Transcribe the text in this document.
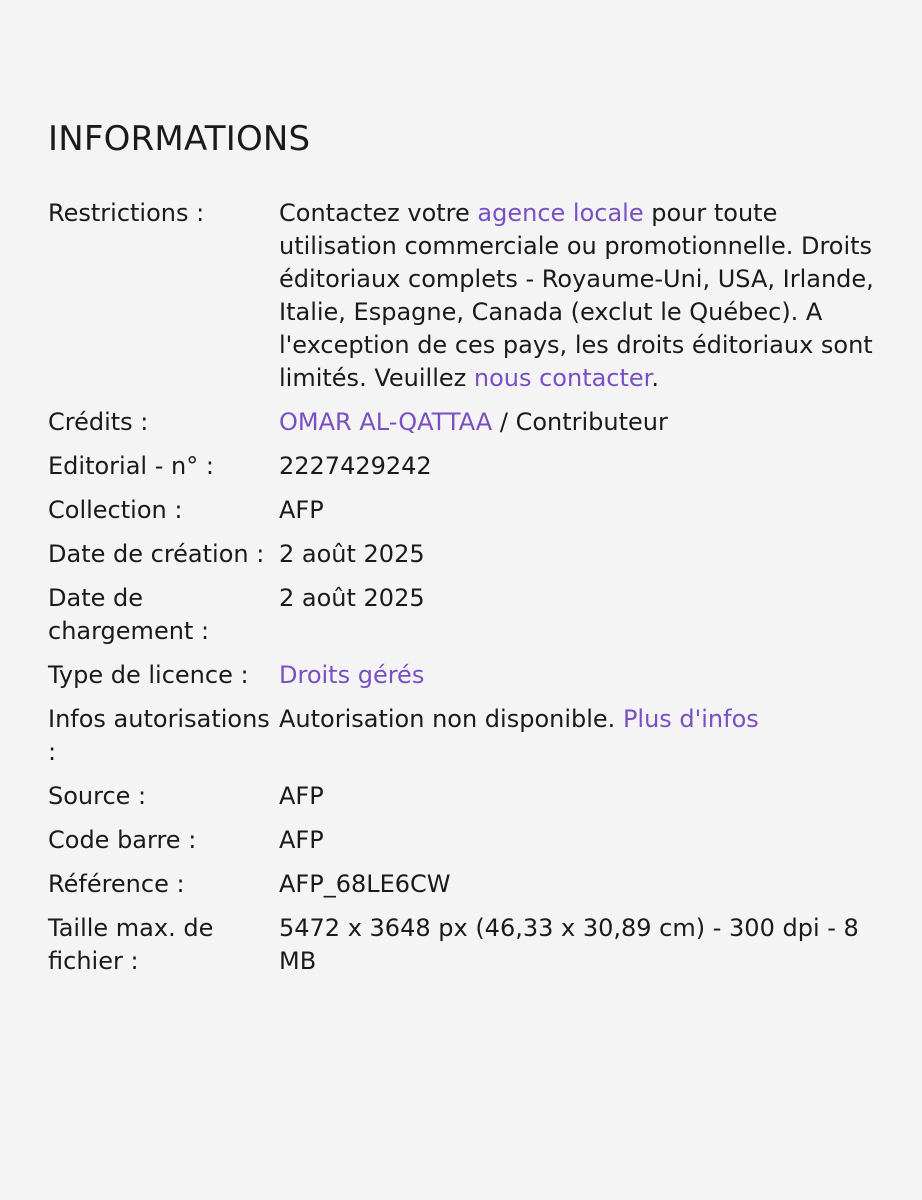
INFORMATIONS
Restrictions :	Contactez votre agence locale pour toute utilisation commerciale ou promotionnelle. Droits éditoriaux complets - Royaume-Uni, USA, Irlande, Italie, Espagne, Canada (exclut le Québec). A l'exception de ces pays, les droits éditoriaux sont limités. Veuillez nous contacter.
Crédits :	OMAR AL-QATTAA / Contributeur
Editorial - n° :	2227429242
Collection :	AFP
Date de création : 2 août 2025
Date de chargement :
2 août 2025
Type de licence :	Droits gérés
Infos autorisations :
Autorisation non disponible. Plus d'infos
Source :	AFP
Code barre :	AFP
Référence :	AFP_68LE6CW
Taille max. de fichier :
5472 x 3648 px (46,33 x 30,89 cm) - 300 dpi - 8 MB
